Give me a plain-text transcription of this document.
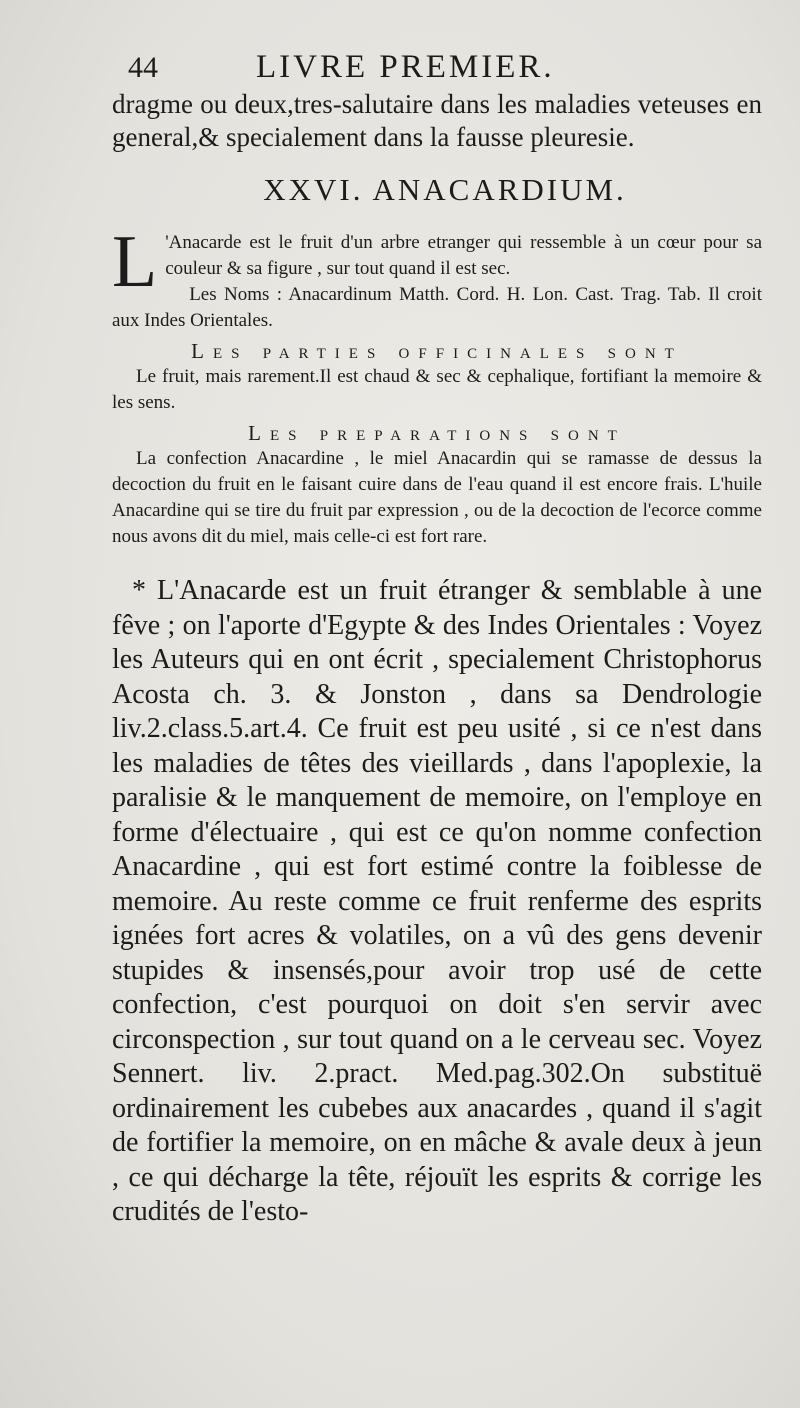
44	LIVRE PREMIER.

dragme ou deux,tres-salutaire dans les maladies veteuses en general,& specialement dans la fausse pleuresie.

XXVI. ANACARDIUM.

L 'Anacarde est le fruit d'un arbre etranger qui ressemble à un cœur pour sa couleur & sa figure , sur tout quand il est sec.

Les Noms : Anacardinum Matth. Cord. H. Lon. Cast. Trag. Tab. Il croit aux Indes Orientales.

Les parties officinales sont

Le fruit, mais rarement.Il est chaud & sec & cephalique, fortifiant la memoire & les sens.

Les preparations sont

La confection Anacardine , le miel Anacardin qui se ramasse de dessus la decoction du fruit en le faisant cuire dans de l'eau quand il est encore frais. L'huile Anacardine qui se tire du fruit par expression , ou de la decoction de l'ecorce comme nous avons dit du miel, mais celle-ci est fort rare.

* L'Anacarde est un fruit étranger & semblable à une fêve ; on l'aporte d'Egypte & des Indes Orientales : Voyez les Auteurs qui en ont écrit , specialement Christophorus Acosta ch. 3. & Jonston , dans sa Dendrologie liv.2.class.5.art.4. Ce fruit est peu usité , si ce n'est dans les maladies de têtes des vieillards , dans l'apoplexie, la paralisie & le manquement de memoire, on l'employe en forme d'électuaire , qui est ce qu'on nomme confection Anacardine , qui est fort estimé contre la foiblesse de memoire. Au reste comme ce fruit renferme des esprits ignées fort acres & volatiles, on a vû des gens devenir stupides & insensés,pour avoir trop usé de cette confection, c'est pourquoi on doit s'en servir avec circonspection , sur tout quand on a le cerveau sec. Voyez Sennert. liv. 2.pract. Med.pag.302.On substituë ordinairement les cubebes aux anacardes , quand il s'agit de fortifier la memoire, on en mâche & avale deux à jeun , ce qui décharge la tête, réjouït les esprits & corrige les crudités de l'esto-
